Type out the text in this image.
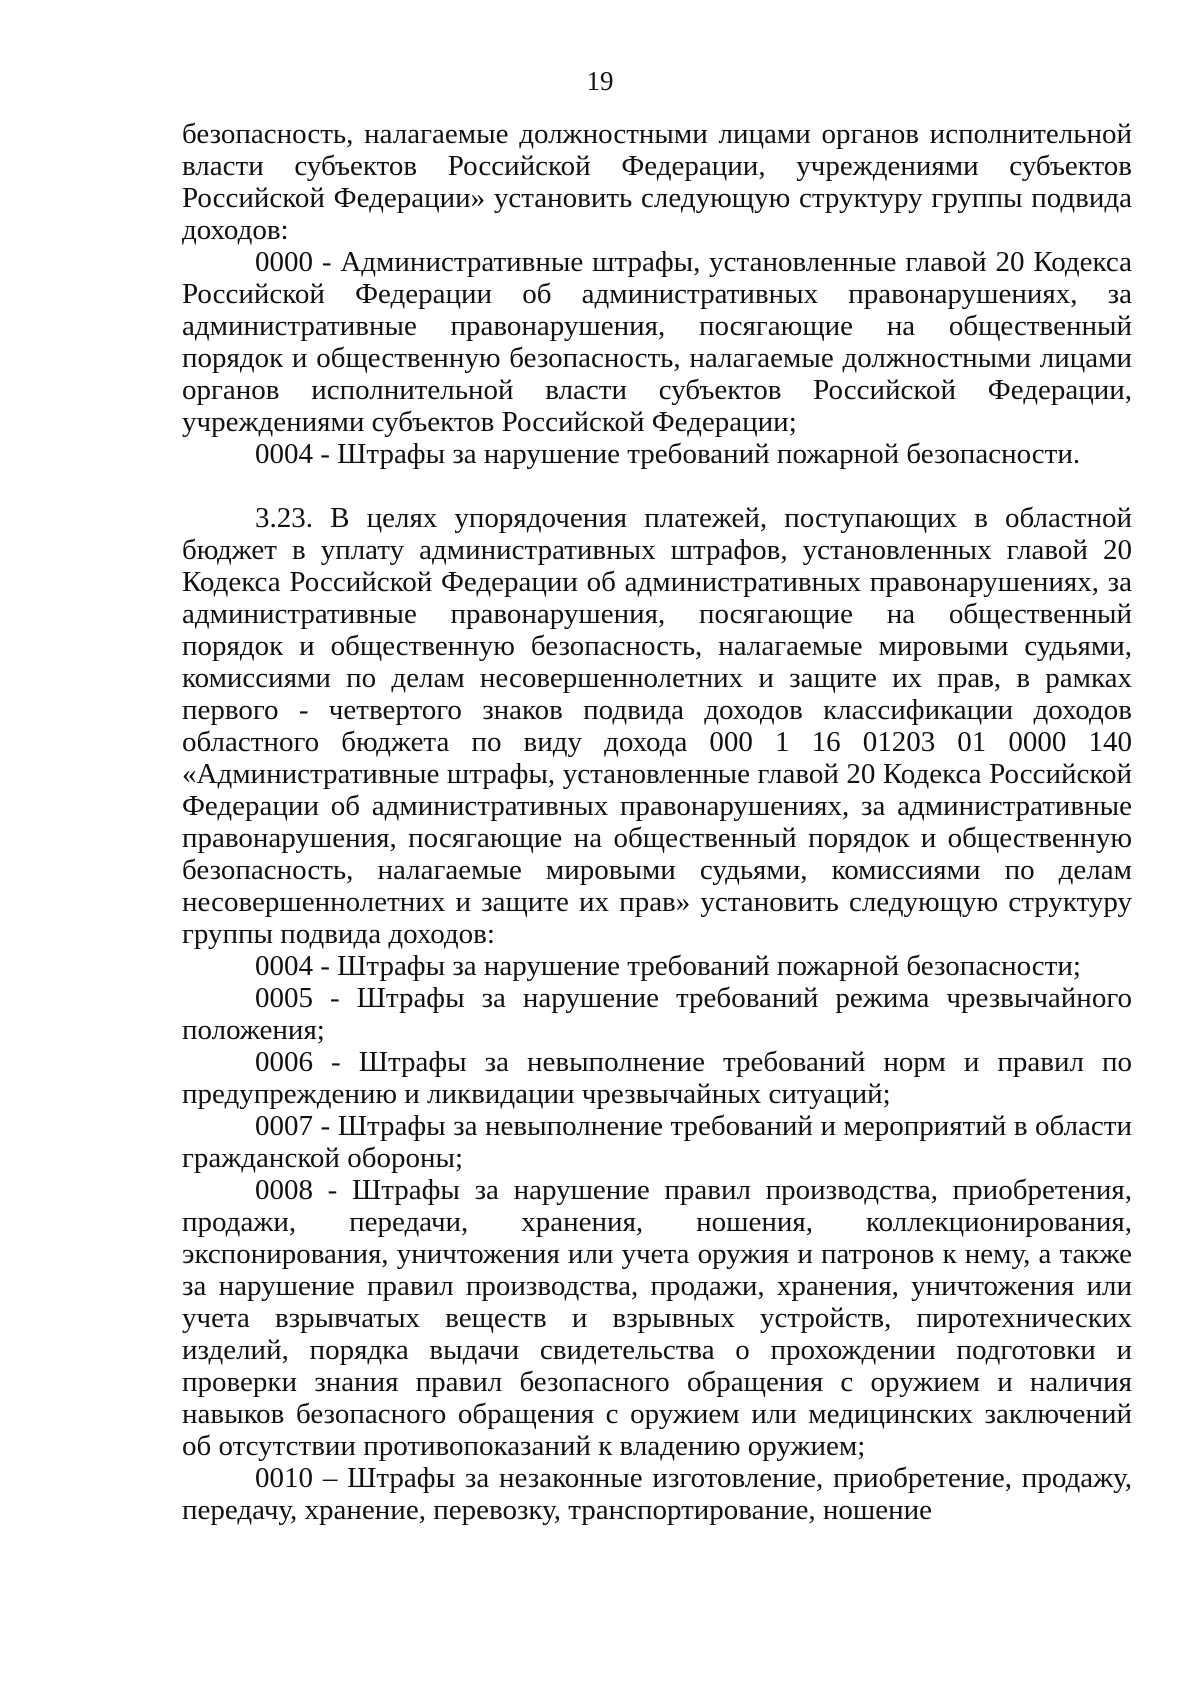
19

безопасность, налагаемые должностными лицами органов исполнительной власти субъектов Российской Федерации, учреждениями субъектов Российской Федерации» установить следующую структуру группы подвида доходов:

0000 - Административные штрафы, установленные главой 20 Кодекса Российской Федерации об административных правонарушениях, за административные правонарушения, посягающие на общественный порядок и общественную безопасность, налагаемые должностными лицами органов исполнительной власти субъектов Российской Федерации, учреждениями субъектов Российской Федерации;

0004 - Штрафы за нарушение требований пожарной безопасности.

3.23. В целях упорядочения платежей, поступающих в областной бюджет в уплату административных штрафов, установленных главой 20 Кодекса Российской Федерации об административных правонарушениях, за административные правонарушения, посягающие на общественный порядок и общественную безопасность, налагаемые мировыми судьями, комиссиями по делам несовершеннолетних и защите их прав, в рамках первого - четвертого знаков подвида доходов классификации доходов областного бюджета по виду дохода 000 1 16 01203 01 0000 140 «Административные штрафы, установленные главой 20 Кодекса Российской Федерации об административных правонарушениях, за административные правонарушения, посягающие на общественный порядок и общественную безопасность, налагаемые мировыми судьями, комиссиями по делам несовершеннолетних и защите их прав» установить следующую структуру группы подвида доходов:

0004 - Штрафы за нарушение требований пожарной безопасности;

0005 - Штрафы за нарушение требований режима чрезвычайного положения;

0006 - Штрафы за невыполнение требований норм и правил по предупреждению и ликвидации чрезвычайных ситуаций;

0007 - Штрафы за невыполнение требований и мероприятий в области гражданской обороны;

0008 - Штрафы за нарушение правил производства, приобретения, продажи, передачи, хранения, ношения, коллекционирования, экспонирования, уничтожения или учета оружия и патронов к нему, а также за нарушение правил производства, продажи, хранения, уничтожения или учета взрывчатых веществ и взрывных устройств, пиротехнических изделий, порядка выдачи свидетельства о прохождении подготовки и проверки знания правил безопасного обращения с оружием и наличия навыков безопасного обращения с оружием или медицинских заключений об отсутствии противопоказаний к владению оружием;

0010 – Штрафы за незаконные изготовление, приобретение, продажу, передачу, хранение, перевозку, транспортирование, ношение
